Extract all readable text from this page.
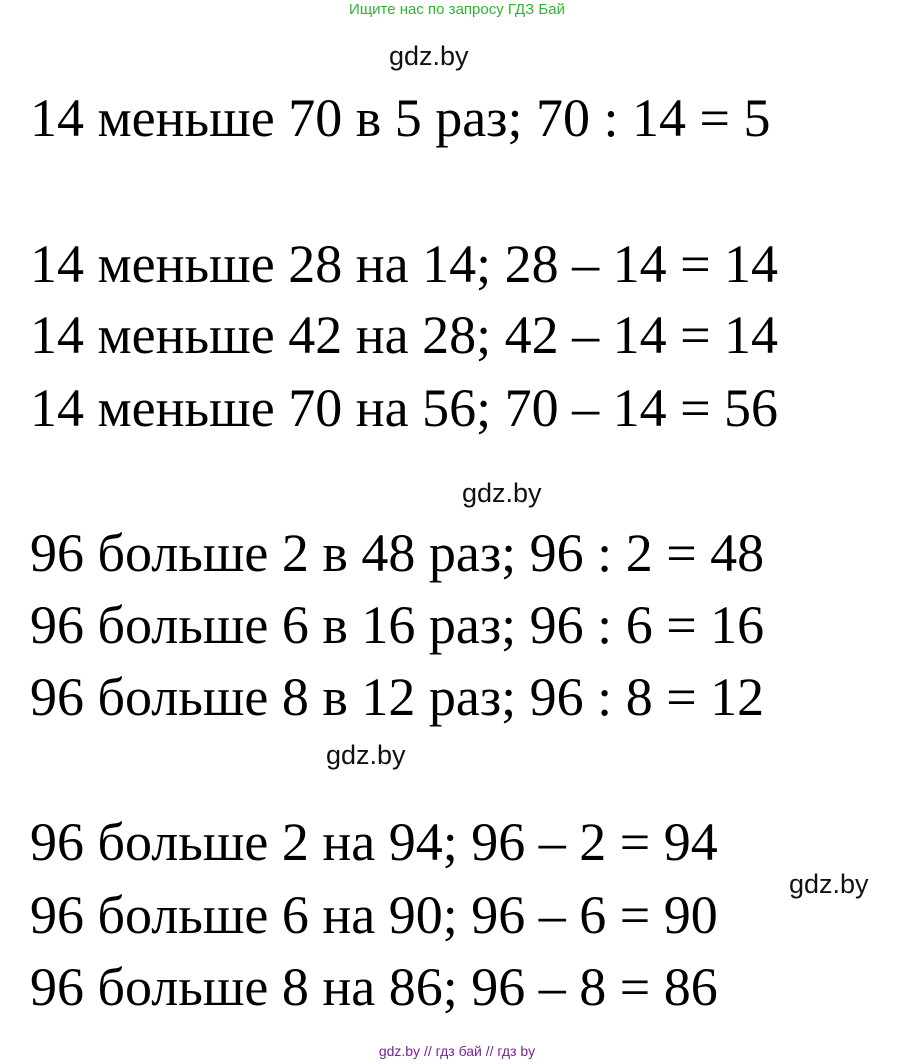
Ищите нас по запросу ГДЗ Бай
gdz.by
14 меньше 70 в 5 раз; 70 : 14 = 5
14 меньше 28 на 14; 28 – 14 = 14
14 меньше 42 на 28; 42 – 14 = 14
14 меньше 70 на 56; 70 – 14 = 56
gdz.by
96 больше 2 в 48 раз; 96 : 2 = 48
96 больше 6 в 16 раз; 96 : 6 = 16
96 больше 8 в 12 раз; 96 : 8 = 12
gdz.by
96 больше 2 на 94; 96 – 2 = 94
96 больше 6 на 90; 96 – 6 = 90
gdz.by
96 больше 8 на 86; 96 – 8 = 86
gdz.by // гдз бай // гдз by
